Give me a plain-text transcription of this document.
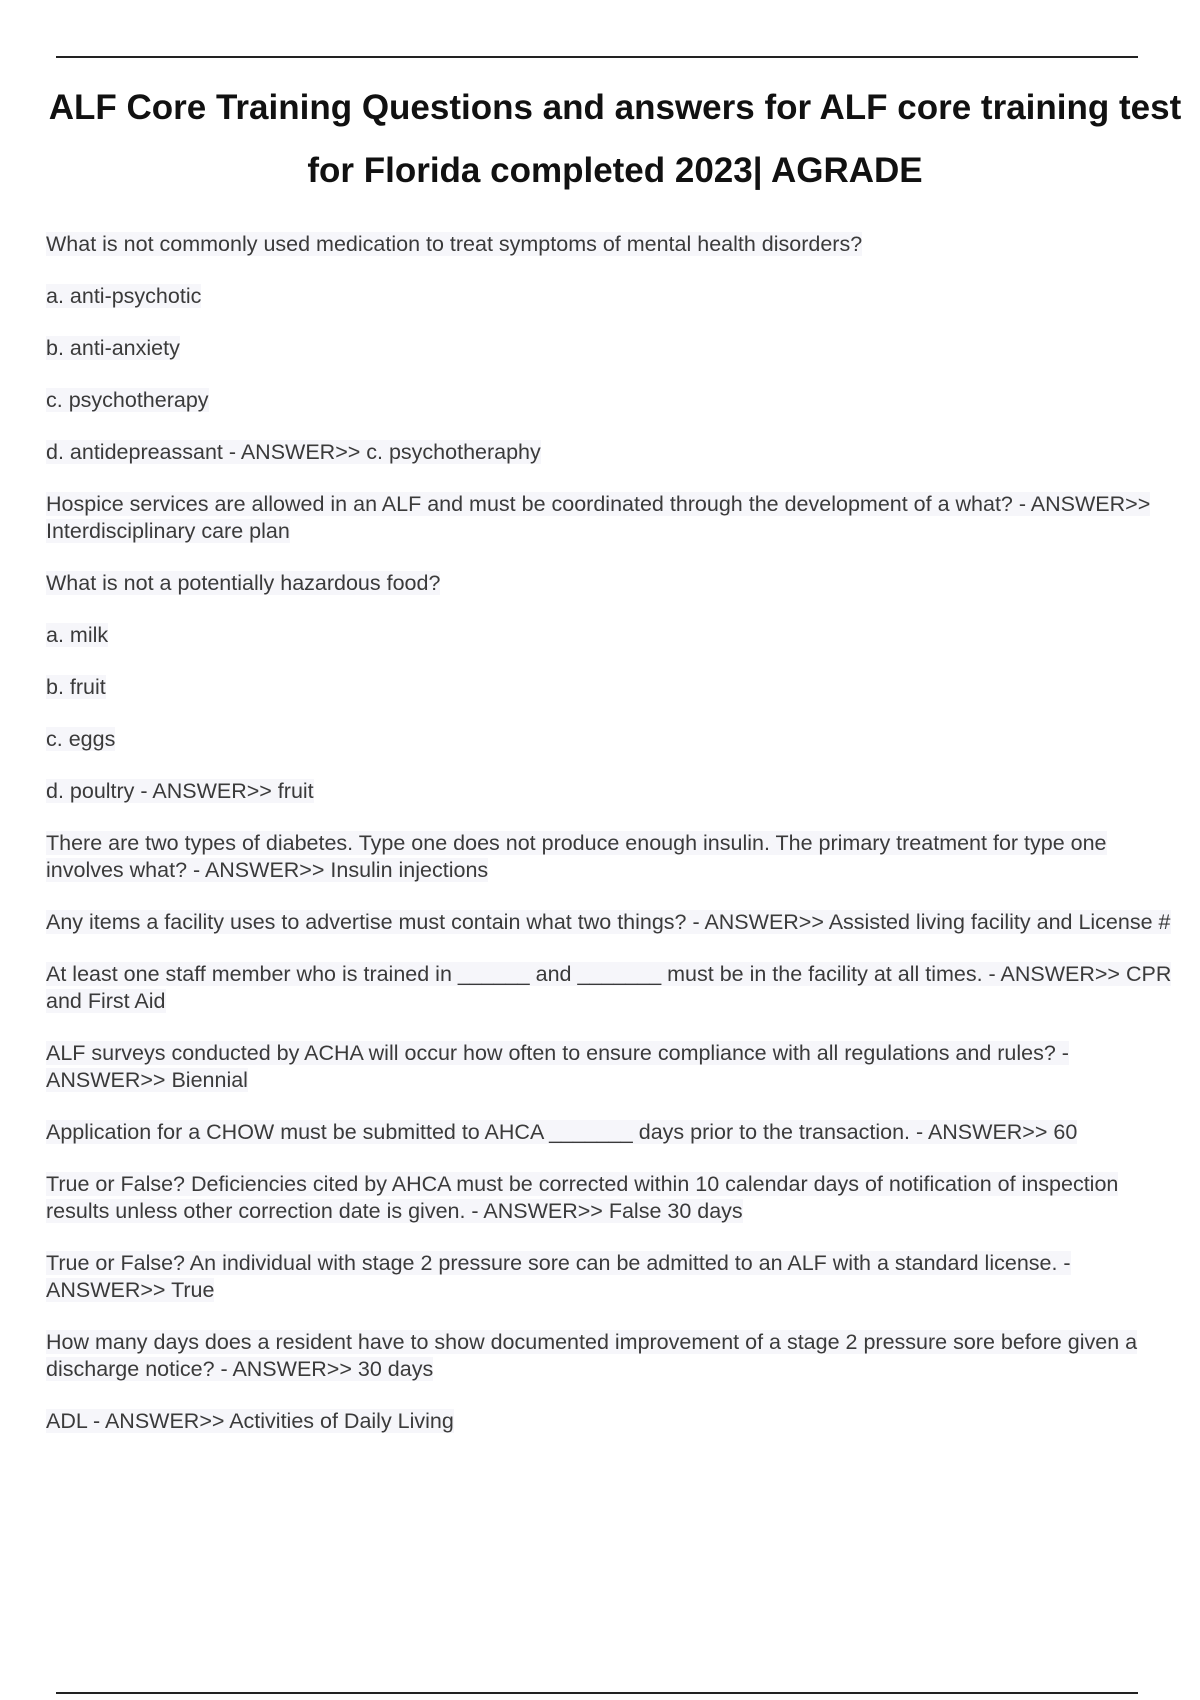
ALF Core Training Questions and answers for ALF core training test for Florida completed 2023| AGRADE

What is not commonly used medication to treat symptoms of mental health disorders?

a. anti-psychotic

b. anti-anxiety

c. psychotherapy

d. antidepreassant - ANSWER>> c. psychotheraphy

Hospice services are allowed in an ALF and must be coordinated through the development of a what? - ANSWER>> Interdisciplinary care plan

What is not a potentially hazardous food?

a. milk

b. fruit

c. eggs

d. poultry - ANSWER>> fruit

There are two types of diabetes. Type one does not produce enough insulin. The primary treatment for type one involves what? - ANSWER>> Insulin injections

Any items a facility uses to advertise must contain what two things? - ANSWER>> Assisted living facility and License #

At least one staff member who is trained in ______ and _______ must be in the facility at all times. - ANSWER>> CPR and First Aid

ALF surveys conducted by ACHA will occur how often to ensure compliance with all regulations and rules? - ANSWER>> Biennial

Application for a CHOW must be submitted to AHCA _______ days prior to the transaction. - ANSWER>> 60

True or False? Deficiencies cited by AHCA must be corrected within 10 calendar days of notification of inspection results unless other correction date is given. - ANSWER>> False 30 days

True or False? An individual with stage 2 pressure sore can be admitted to an ALF with a standard license. - ANSWER>> True

How many days does a resident have to show documented improvement of a stage 2 pressure sore before given a discharge notice? - ANSWER>> 30 days

ADL - ANSWER>> Activities of Daily Living
